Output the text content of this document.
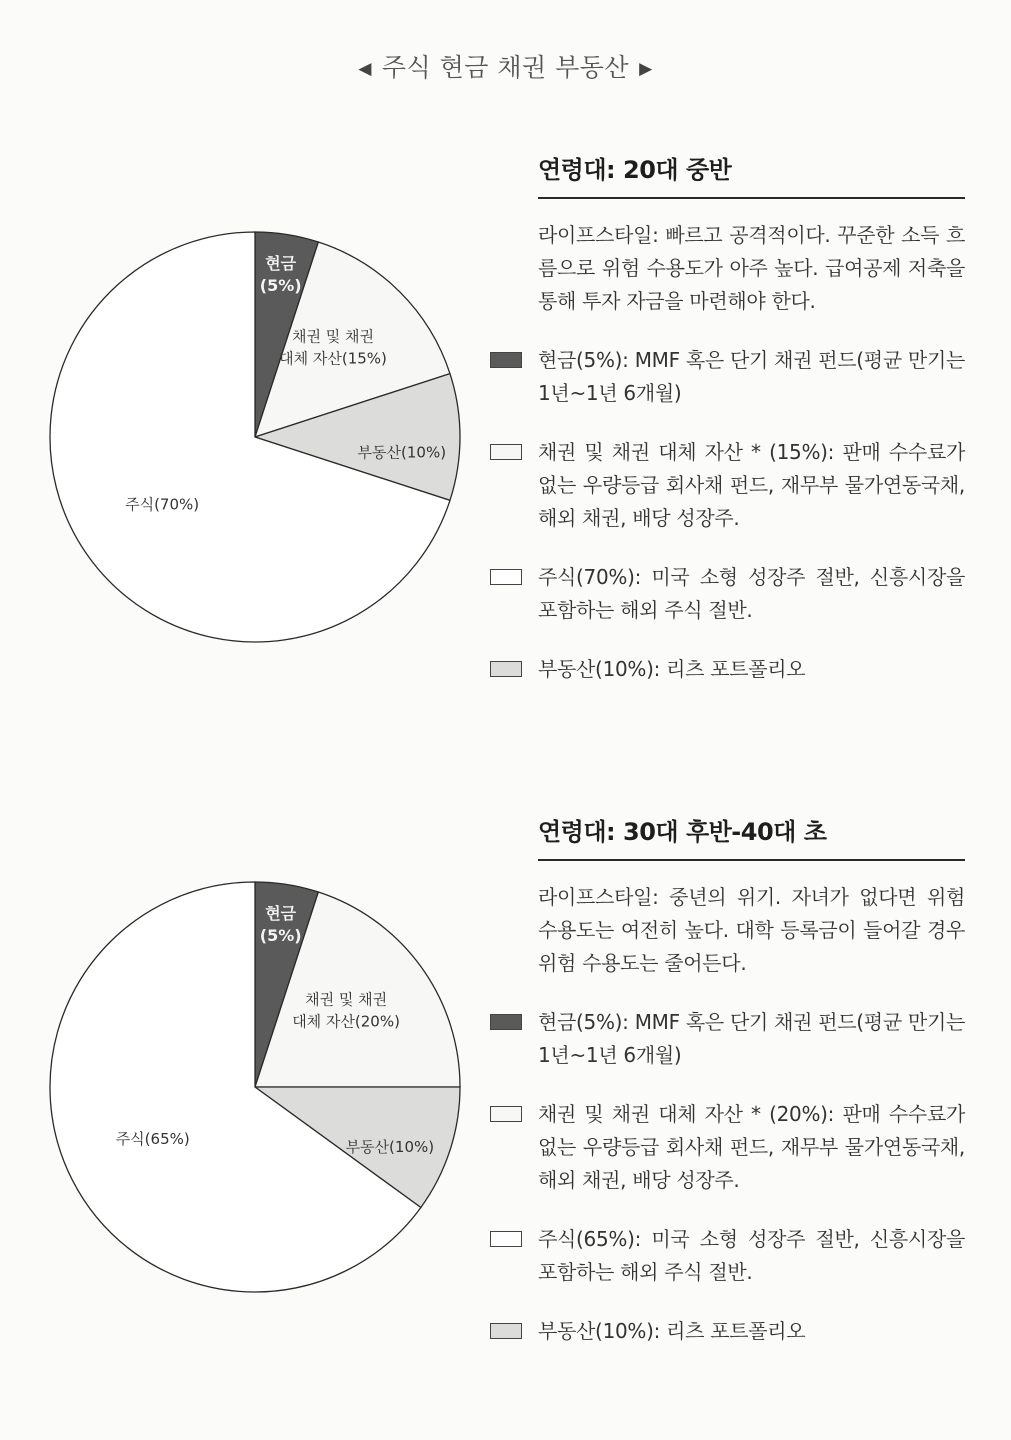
◀ 주식 현금 채권 부동산 ▶
현금
(5%)
채권 및 채권
대체 자산(15%)
부동산(10%)
주식(70%)
연령대: 20대 중반
라이프스타일: 빠르고 공격적이다. 꾸준한 소득 흐름으로 위험 수용도가 아주 높다. 급여공제 저축을 통해 투자 자금을 마련해야 한다.
현금(5%): MMF 혹은 단기 채권 펀드(평균 만기는 1년~1년 6개월)
채권 및 채권 대체 자산 * (15%): 판매 수수료가 없는 우량등급 회사채 펀드, 재무부 물가연동국채, 해외 채권, 배당 성장주.
주식(70%): 미국 소형 성장주 절반, 신흥시장을 포함하는 해외 주식 절반.
부동산(10%): 리츠 포트폴리오
현금
(5%)
채권 및 채권
대체 자산(20%)
부동산(10%)
주식(65%)
연령대: 30대 후반-40대 초
라이프스타일: 중년의 위기. 자녀가 없다면 위험 수용도는 여전히 높다. 대학 등록금이 들어갈 경우 위험 수용도는 줄어든다.
현금(5%): MMF 혹은 단기 채권 펀드(평균 만기는 1년~1년 6개월)
채권 및 채권 대체 자산 * (20%): 판매 수수료가 없는 우량등급 회사채 펀드, 재무부 물가연동국채, 해외 채권, 배당 성장주.
주식(65%): 미국 소형 성장주 절반, 신흥시장을 포함하는 해외 주식 절반.
부동산(10%): 리츠 포트폴리오
